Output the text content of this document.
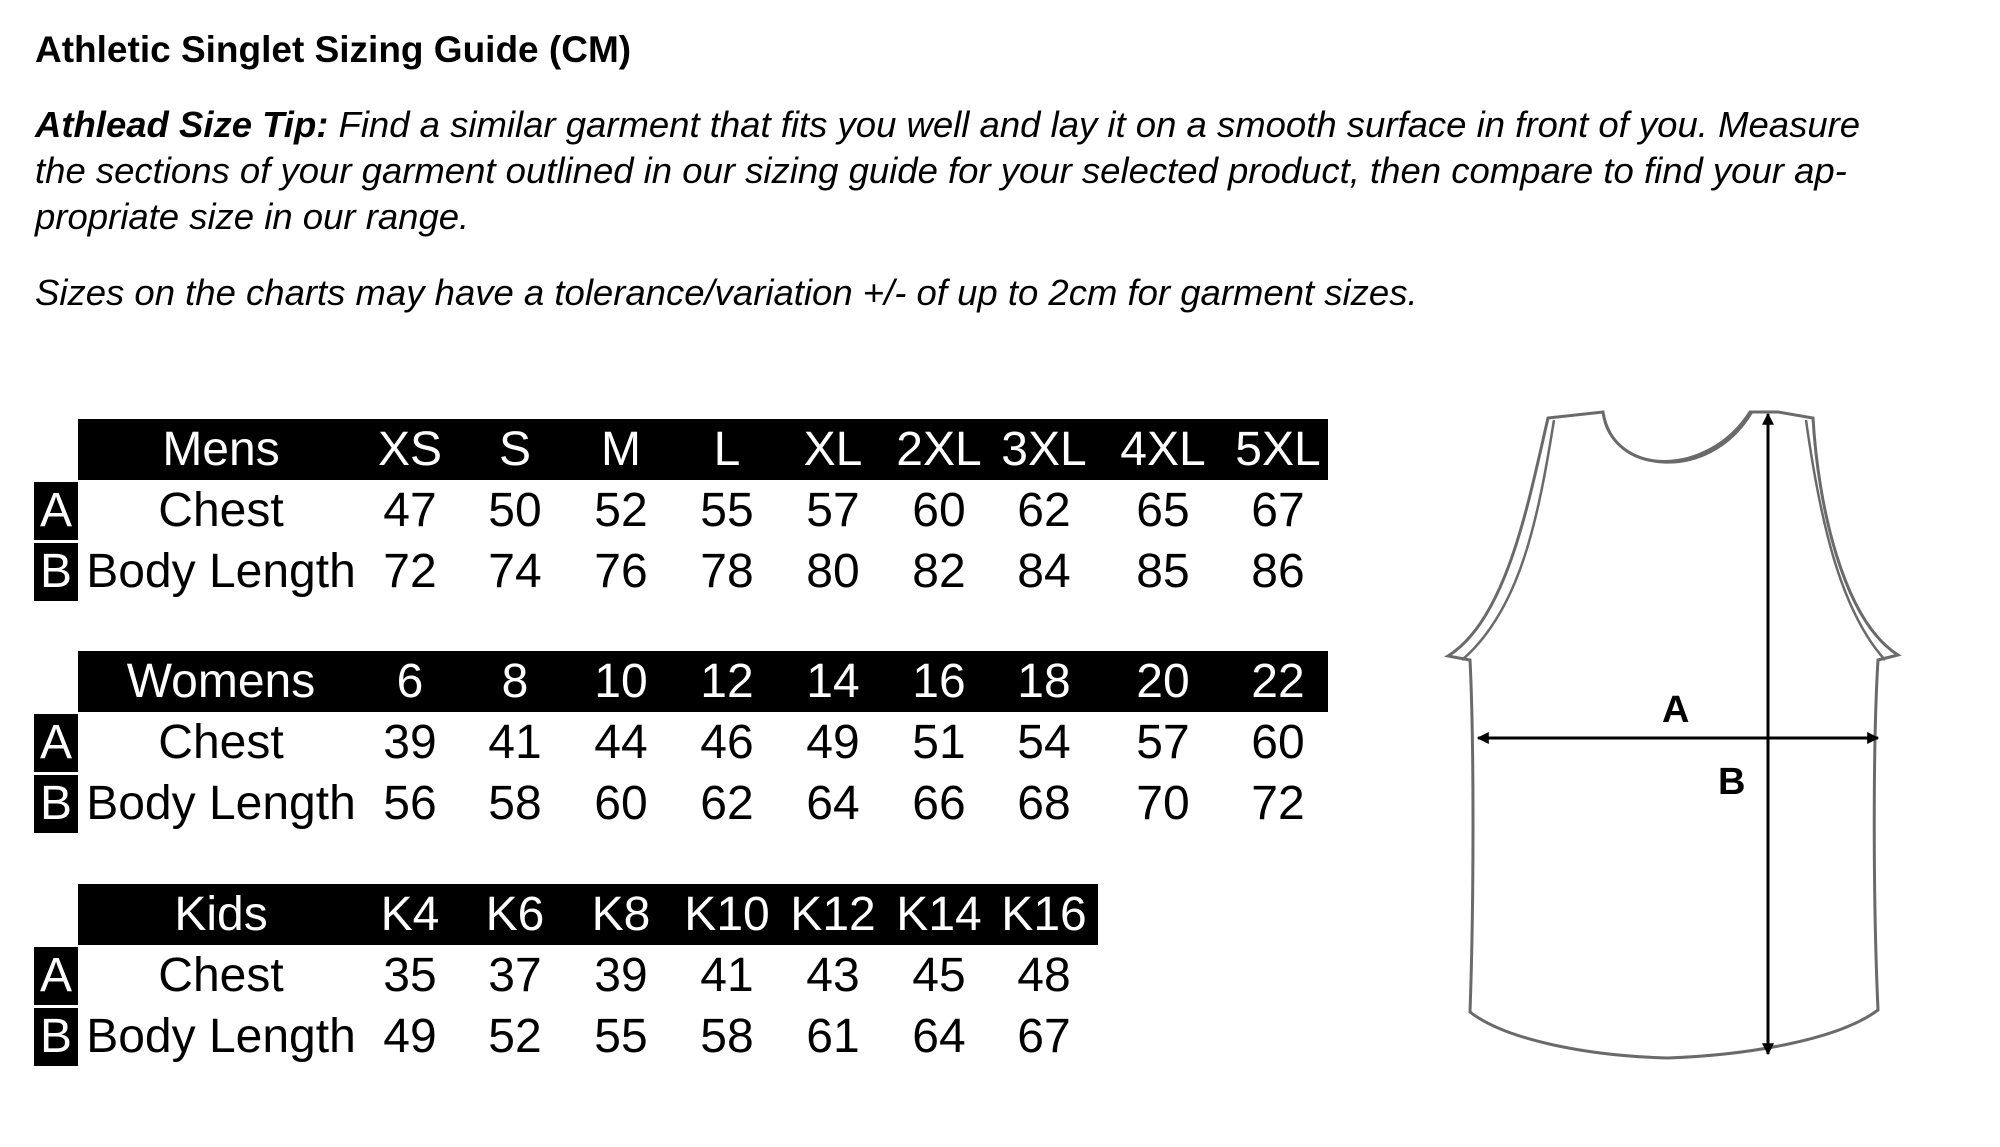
Athletic Singlet Sizing Guide (CM)
Athlead Size Tip: Find a similar garment that fits you well and lay it on a smooth surface in front of you. Measure
the sections of your garment outlined in our sizing guide for your selected product, then compare to find your ap-
propriate size in our range.
Sizes on the charts may have a tolerance/variation +/- of up to 2cm for garment sizes.
Mens	XS	S	M	L	XL 2XL 3XL 4XL 5XL
A	Chest	47	50	52	55	57	60	62	65	67
B Body Length 72	74	76	78	80	82	84	85	86
Womens	6	8	10	12	14	16	18	20	22
A	Chest	39	41	44	46	49	51	54	57	60
B Body Length 56	58	60	62	64	66	68	70	72
Kids	K4 K6 K8 K10 K12 K14 K16
A	Chest	35	37	39	41	43	45	48
B Body Length 49	52	55	58	61	64	67
A
B
